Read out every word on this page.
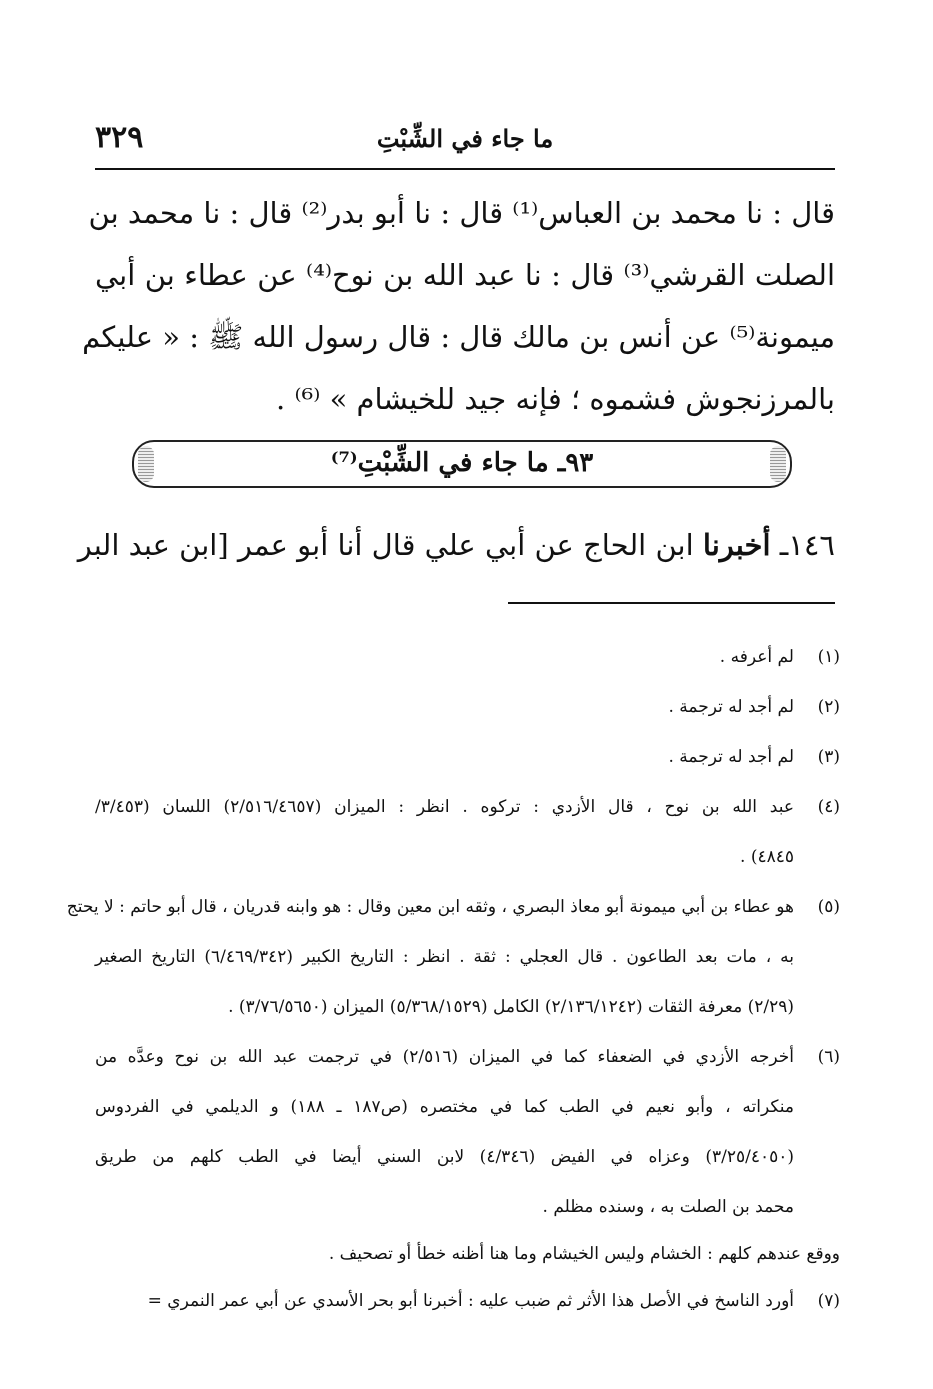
٣٢٩	ما جاء في الشِّبْتِ
قال : نا محمد بن العباس⁽¹⁾ قال : نا أبو بدر⁽²⁾ قال : نا محمد بن
الصلت القرشي⁽³⁾ قال : نا عبد الله بن نوح⁽⁴⁾ عن عطاء بن أبي
ميمونة⁽⁵⁾ عن أنس بن مالك قال : قال رسول الله ﷺ : « عليكم
بالمرزنجوش فشموه ؛ فإنه جيد للخيشام » ⁽⁶⁾ .
٩٣ـ ما جاء في الشِّبْتِ⁽⁷⁾
١٤٦ـ أخبرنا ابن الحاج عن أبي علي قال أنا أبو عمر [ابن عبد البر
(١)
لم أعرفه .
(٢)
لم أجد له ترجمة .
(٣)
لم أجد له ترجمة .
(٤)
عبد الله بن نوح ، قال الأزدي : تركوه . انظر : الميزان (٢/٥١٦/٤٦٥٧) اللسان (٣/٤٥٣/
٤٨٤٥) .
(٥)
هو عطاء بن أبي ميمونة أبو معاذ البصري ، وثقه ابن معين وقال : هو وابنه قدريان ، قال أبو حاتم : لا يحتج
به ، مات بعد الطاعون . قال العجلي : ثقة . انظر : التاريخ الكبير (٦/٤٦٩/٣٤٢) التاريخ الصغير
(٢/٢٩) معرفة الثقات (٢/١٣٦/١٢٤٢) الكامل (٥/٣٦٨/١٥٢٩) الميزان (٣/٧٦/٥٦٥٠) .
(٦)
أخرجه الأزدي في الضعفاء كما في الميزان (٢/٥١٦) في ترجمت عبد الله بن نوح وعدَّه من
منكراته ، وأبو نعيم في الطب كما في مختصره (ص١٨٧ ـ ١٨٨) و الديلمي في الفردوس
(٣/٢٥/٤٠٥٠) وعزاه في الفيض (٤/٣٤٦) لابن السني أيضا في الطب كلهم من طريق
محمد بن الصلت به ، وسنده مظلم .
ووقع عندهم كلهم : الخشام وليس الخيشام وما هنا أظنه خطأ أو تصحيف .
(٧)
أورد الناسخ في الأصل هذا الأثر ثم ضبب عليه : أخبرنا أبو بحر الأسدي عن أبي عمر النمري =
